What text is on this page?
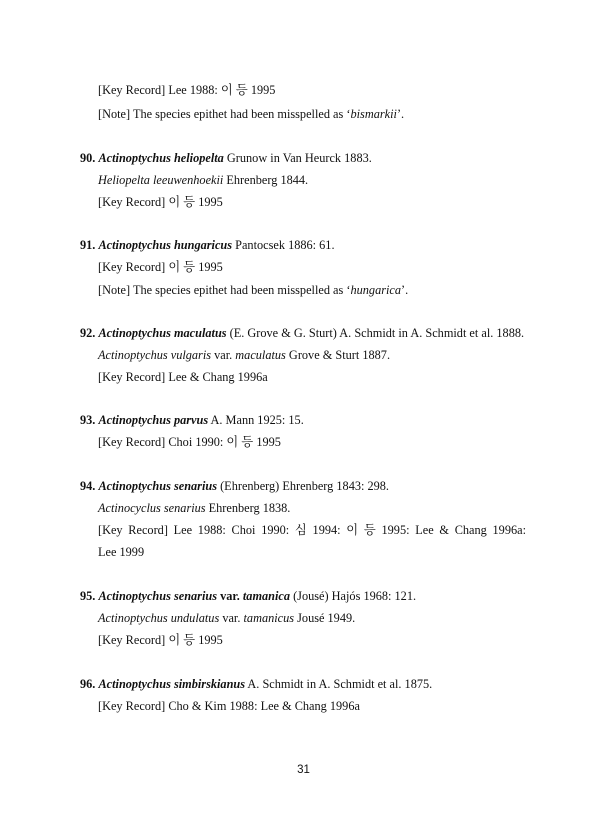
[Key Record] Lee 1988: 이 등 1995
[Note] The species epithet had been misspelled as ‘bismarkii’.
90. Actinoptychus heliopelta Grunow in Van Heurck 1883.
Heliopelta leeuwenhoekii Ehrenberg 1844.
[Key Record] 이 등 1995
91. Actinoptychus hungaricus Pantocsek 1886: 61.
[Key Record] 이 등 1995
[Note] The species epithet had been misspelled as ‘hungarica’.
92. Actinoptychus maculatus (E. Grove & G. Sturt) A. Schmidt in A. Schmidt et al. 1888.
Actinoptychus vulgaris var. maculatus Grove & Sturt 1887.
[Key Record] Lee & Chang 1996a
93. Actinoptychus parvus A. Mann 1925: 15.
[Key Record] Choi 1990: 이 등 1995
94. Actinoptychus senarius (Ehrenberg) Ehrenberg 1843: 298.
Actinocyclus senarius Ehrenberg 1838.
[Key Record] Lee 1988: Choi 1990: 심 1994: 이 등 1995: Lee & Chang 1996a:
Lee 1999
95. Actinoptychus senarius var. tamanica (Jousé) Hajós 1968: 121.
Actinoptychus undulatus var. tamanicus Jousé 1949.
[Key Record] 이 등 1995
96. Actinoptychus simbirskianus A. Schmidt in A. Schmidt et al. 1875.
[Key Record] Cho & Kim 1988: Lee & Chang 1996a
31
